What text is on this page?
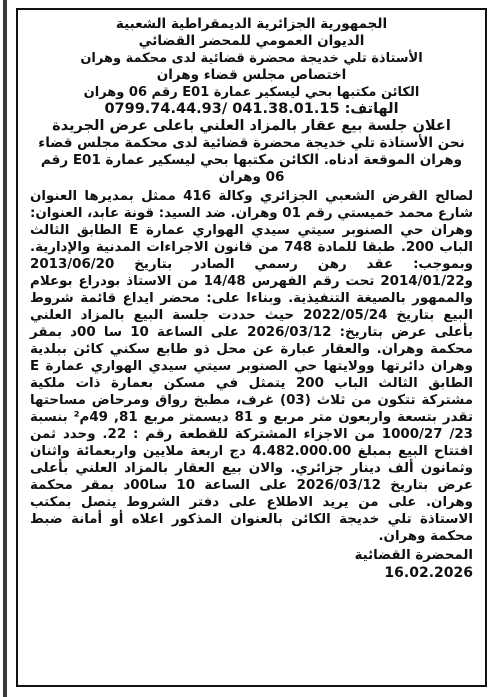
الجمهورية الجزائرية الديمقراطية الشعبية

الديوان العمومي للمحضر القضائي

الأستاذة تلي خديجة محضرة قضائية لدى محكمة وهران

اختصاص مجلس قضاء وهران

الكائن مكتبها بحي ليسكير عمارة E01 رقم 06 وهران

الهاتف: 041.38.01.15 /0799.74.44.93

اعلان جلسة بيع عقار بالمزاد العلني باعلى عرض الجريدة

نحن الأستاذة تلي خديجة محضرة قضائية لدى محكمة مجلس قضاء وهران الموقعة ادناه. الكائن مكتبها بحي ليسكير عمارة E01 رقم 06 وهران

لصالح القرض الشعبي الجزائري وكالة 416 ممثل بمديرها العنوان شارع محمد خميستي رقم 01 وهران. ضد السيد: قونة عابد، العنوان: وهران حي الصنوبر سيتي سيدي الهواري عمارة E الطابق الثالث الباب 200. طبقا للمادة 748 من قانون الاجراءات المدنية والإدارية. وبموجب: عقد رهن رسمي الصادر بتاريخ 2013/06/20 و2014/01/22 تحت رقم الفهرس 14/48 من الاستاذ بودراع بوعلام والممهور بالصيغة التنفيذية. وبناءا على: محضر ايداع قائمة شروط البيع بتاريخ 2022/05/24 حيث حددت جلسة البيع بالمزاد العلني بأعلى عرض بتاريخ: 2026/03/12 على الساعة 10 سا 00د بمقر محكمة وهران. والعقار عبارة عن محل ذو طابع سكني كائن ببلدية وهران دائرتها وولايتها حي الصنوبر سيتي سيدي الهواري عمارة E الطابق الثالث الباب 200 يتمثل في مسكن بعمارة ذات ملكية مشتركة تتكون من ثلاث (03) غرف، مطبخ رواق ومرحاض مساحتها تقدر بتسعة واربعون متر مربع و 81 ديسمتر مربع 81, 49م² بنسبة 23/ 1000/27 من الاجزاء المشتركة للقطعة رقم : 22. وحدد ثمن افتتاح البيع بمبلغ 4.482.000.00 دج اربعة ملايين واربعمائة واثنان وثمانون ألف دينار جزائري. والان بيع العقار بالمزاد العلني بأعلى عرض بتاريخ 2026/03/12 على الساعة 10 سا00د بمقر محكمة وهران. على من يريد الاطلاع على دفتر الشروط يتصل بمكتب الاستاذة تلي خديجة الكائن بالعنوان المذكور اعلاه أو أمانة ضبط محكمة وهران.

المحضرة القضائية

16.02.2026
